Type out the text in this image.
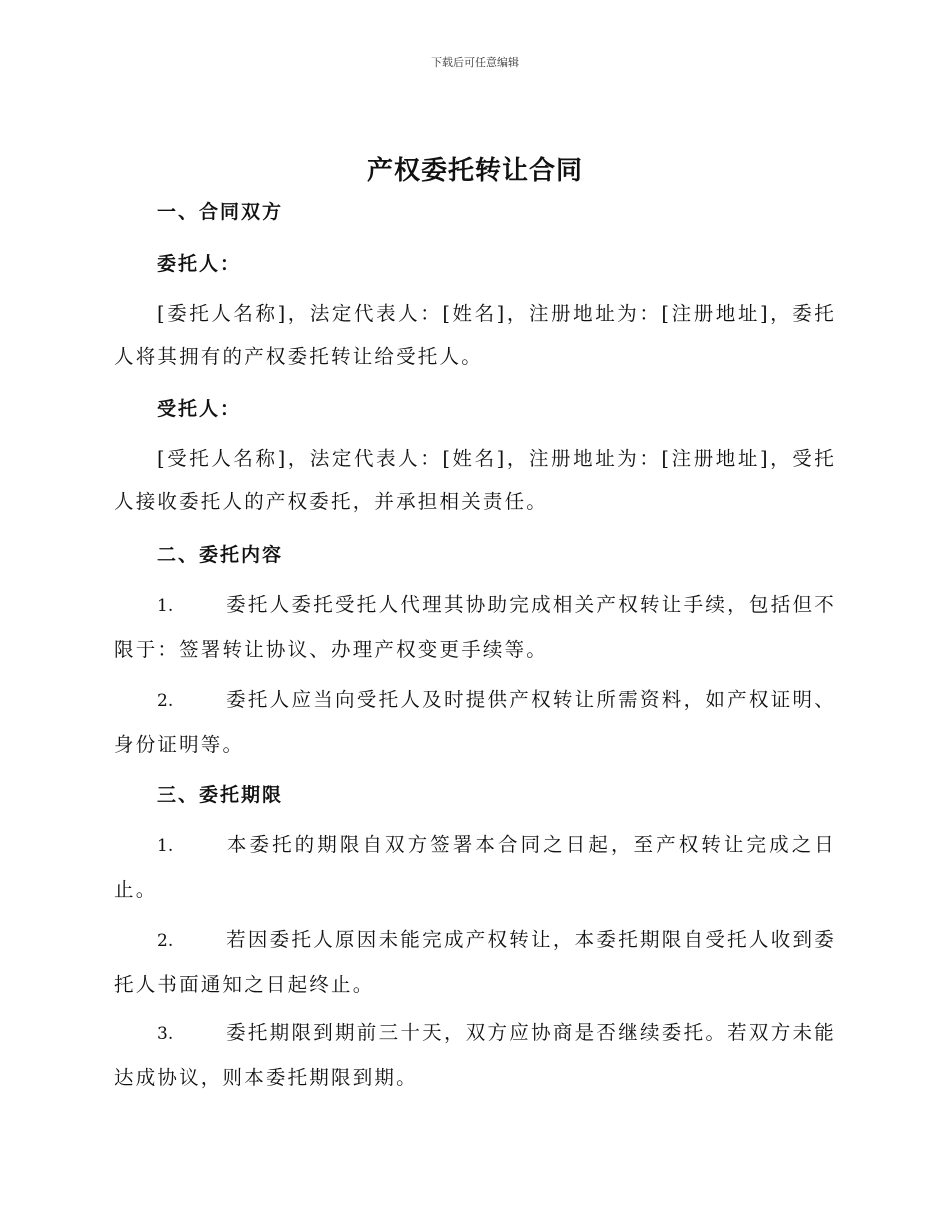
下载后可任意编辑
产权委托转让合同
一、合同双方
委托人：
[委托人名称]，法定代表人：[姓名]，注册地址为：[注册地址]，委托人将其拥有的产权委托转让给受托人。
受托人：
[受托人名称]，法定代表人：[姓名]，注册地址为：[注册地址]，受托人接收委托人的产权委托，并承担相关责任。
二、委托内容
1.	委托人委托受托人代理其协助完成相关产权转让手续，包括但不限于：签署转让协议、办理产权变更手续等。
2.	委托人应当向受托人及时提供产权转让所需资料，如产权证明、身份证明等。
三、委托期限
1.	本委托的期限自双方签署本合同之日起，至产权转让完成之日止。
2.	若因委托人原因未能完成产权转让，本委托期限自受托人收到委托人书面通知之日起终止。
3.	委托期限到期前三十天，双方应协商是否继续委托。若双方未能达成协议，则本委托期限到期。
